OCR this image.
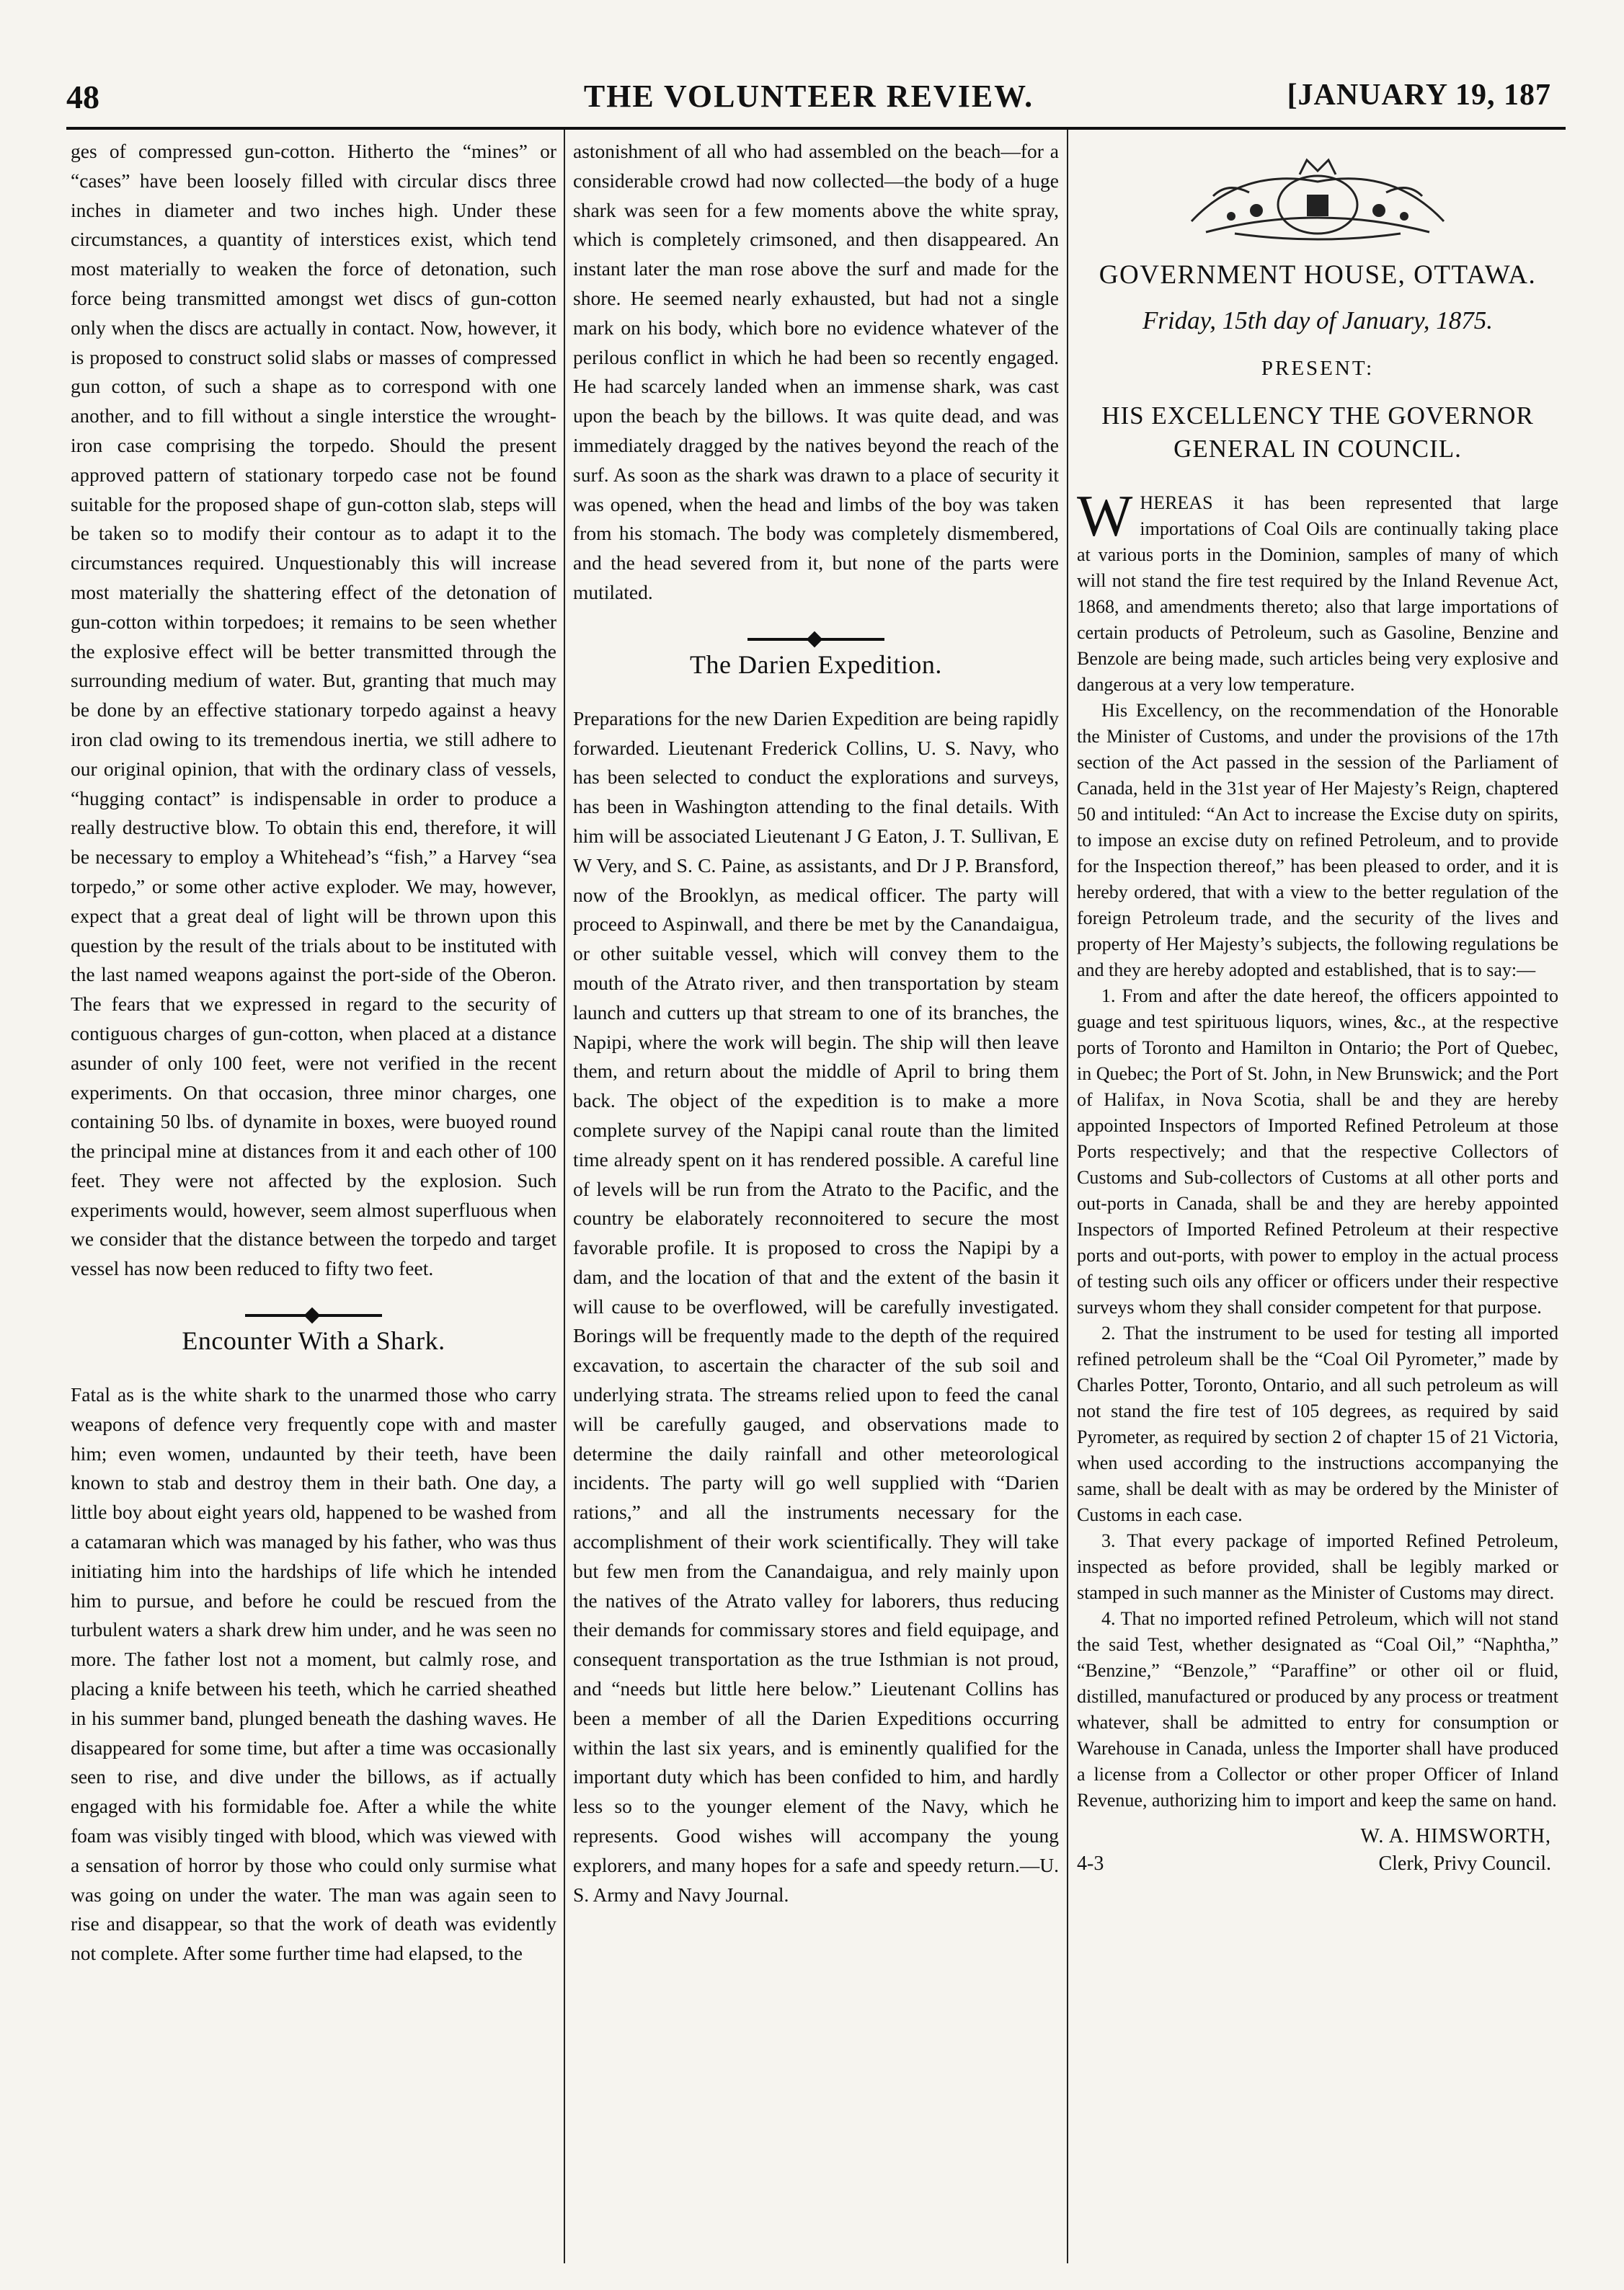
48	THE VOLUNTEER REVIEW.	[JANUARY 19, 187

ges of compressed gun-cotton. Hitherto the “mines” or “cases” have been loosely filled with circular discs three inches in diameter and two inches high. Under these circumstances, a quantity of interstices exist, which tend most materially to weaken the force of detonation, such force being transmitted amongst wet discs of gun-cotton only when the discs are actually in contact. Now, however, it is proposed to construct solid slabs or masses of compressed gun cotton, of such a shape as to correspond with one another, and to fill without a single interstice the wrought-iron case comprising the torpedo. Should the present approved pattern of stationary torpedo case not be found suitable for the proposed shape of gun-cotton slab, steps will be taken so to modify their contour as to adapt it to the circumstances required. Unquestionably this will increase most materially the shattering effect of the detonation of gun-cotton within torpedoes; it remains to be seen whether the explosive effect will be better transmitted through the surrounding medium of water. But, granting that much may be done by an effective stationary torpedo against a heavy iron clad owing to its tremendous inertia, we still adhere to our original opinion, that with the ordinary class of vessels, “hugging contact” is indispensable in order to produce a really destructive blow. To obtain this end, therefore, it will be necessary to employ a Whitehead’s “fish,” a Harvey “sea torpedo,” or some other active exploder. We may, however, expect that a great deal of light will be thrown upon this question by the result of the trials about to be instituted with the last named weapons against the port-side of the Oberon. The fears that we expressed in regard to the security of contiguous charges of gun-cotton, when placed at a distance asunder of only 100 feet, were not verified in the recent experiments. On that occasion, three minor charges, one containing 50 lbs. of dynamite in boxes, were buoyed round the principal mine at distances from it and each other of 100 feet. They were not affected by the explosion. Such experiments would, however, seem almost superfluous when we consider that the distance between the torpedo and target vessel has now been reduced to fifty two feet.

Encounter With a Shark.

Fatal as is the white shark to the unarmed those who carry weapons of defence very frequently cope with and master him; even women, undaunted by their teeth, have been known to stab and destroy them in their bath. One day, a little boy about eight years old, happened to be washed from a catamaran which was managed by his father, who was thus initiating him into the hardships of life which he intended him to pursue, and before he could be rescued from the turbulent waters a shark drew him under, and he was seen no more. The father lost not a moment, but calmly rose, and placing a knife between his teeth, which he carried sheathed in his summer band, plunged beneath the dashing waves. He disappeared for some time, but after a time was occasionally seen to rise, and dive under the billows, as if actually engaged with his formidable foe. After a while the white foam was visibly tinged with blood, which was viewed with a sensation of horror by those who could only surmise what was going on under the water. The man was again seen to rise and disappear, so that the work of death was evidently not complete. After some further time had elapsed, to the

astonishment of all who had assembled on the beach—for a considerable crowd had now collected—the body of a huge shark was seen for a few moments above the white spray, which is completely crimsoned, and then disappeared. An instant later the man rose above the surf and made for the shore. He seemed nearly exhausted, but had not a single mark on his body, which bore no evidence whatever of the perilous conflict in which he had been so recently engaged. He had scarcely landed when an immense shark, was cast upon the beach by the billows. It was quite dead, and was immediately dragged by the natives beyond the reach of the surf. As soon as the shark was drawn to a place of security it was opened, when the head and limbs of the boy was taken from his stomach. The body was completely dismembered, and the head severed from it, but none of the parts were mutilated.

The Darien Expedition.

Preparations for the new Darien Expedition are being rapidly forwarded. Lieutenant Frederick Collins, U. S. Navy, who has been selected to conduct the explorations and surveys, has been in Washington attending to the final details. With him will be associated Lieutenant J G Eaton, J. T. Sullivan, E W Very, and S. C. Paine, as assistants, and Dr J P. Bransford, now of the Brooklyn, as medical officer. The party will proceed to Aspinwall, and there be met by the Canandaigua, or other suitable vessel, which will convey them to the mouth of the Atrato river, and then transportation by steam launch and cutters up that stream to one of its branches, the Napipi, where the work will begin. The ship will then leave them, and return about the middle of April to bring them back. The object of the expedition is to make a more complete survey of the Napipi canal route than the limited time already spent on it has rendered possible. A careful line of levels will be run from the Atrato to the Pacific, and the country be elaborately reconnoitered to secure the most favorable profile. It is proposed to cross the Napipi by a dam, and the location of that and the extent of the basin it will cause to be overflowed, will be carefully investigated. Borings will be frequently made to the depth of the required excavation, to ascertain the character of the sub soil and underlying strata. The streams relied upon to feed the canal will be carefully gauged, and observations made to determine the daily rainfall and other meteorological incidents. The party will go well supplied with “Darien rations,” and all the instruments necessary for the accomplishment of their work scientifically. They will take but few men from the Canandaigua, and rely mainly upon the natives of the Atrato valley for laborers, thus reducing their demands for commissary stores and field equipage, and consequent transportation as the true Isthmian is not proud, and “needs but little here below.” Lieutenant Collins has been a member of all the Darien Expeditions occurring within the last six years, and is eminently qualified for the important duty which has been confided to him, and hardly less so to the younger element of the Navy, which he represents. Good wishes will accompany the young explorers, and many hopes for a safe and speedy return.—U. S. Army and Navy Journal.

GOVERNMENT HOUSE, OTTAWA.
Friday, 15th day of January, 1875.
PRESENT:
HIS EXCELLENCY THE GOVERNOR GENERAL IN COUNCIL.

WHEREAS it has been represented that large importations of Coal Oils are continually taking place at various ports in the Dominion, samples of many of which will not stand the fire test required by the Inland Revenue Act, 1868, and amendments thereto; also that large importations of certain products of Petroleum, such as Gasoline, Benzine and Benzole are being made, such articles being very explosive and dangerous at a very low temperature.

His Excellency, on the recommendation of the Honorable the Minister of Customs, and under the provisions of the 17th section of the Act passed in the session of the Parliament of Canada, held in the 31st year of Her Majesty’s Reign, chaptered 50 and intituled: “An Act to increase the Excise duty on spirits, to impose an excise duty on refined Petroleum, and to provide for the Inspection thereof,” has been pleased to order, and it is hereby ordered, that with a view to the better regulation of the foreign Petroleum trade, and the security of the lives and property of Her Majesty’s subjects, the following regulations be and they are hereby adopted and established, that is to say:—

1. From and after the date hereof, the officers appointed to guage and test spirituous liquors, wines, &c., at the respective ports of Toronto and Hamilton in Ontario; the Port of Quebec, in Quebec; the Port of St. John, in New Brunswick; and the Port of Halifax, in Nova Scotia, shall be and they are hereby appointed Inspectors of Imported Refined Petroleum at those Ports respectively; and that the respective Collectors of Customs and Sub-collectors of Customs at all other ports and out-ports in Canada, shall be and they are hereby appointed Inspectors of Imported Refined Petroleum at their respective ports and out-ports, with power to employ in the actual process of testing such oils any officer or officers under their respective surveys whom they shall consider competent for that purpose.

2. That the instrument to be used for testing all imported refined petroleum shall be the “Coal Oil Pyrometer,” made by Charles Potter, Toronto, Ontario, and all such petroleum as will not stand the fire test of 105 degrees, as required by said Pyrometer, as required by section 2 of chapter 15 of 21 Victoria, when used according to the instructions accompanying the same, shall be dealt with as may be ordered by the Minister of Customs in each case.

3. That every package of imported Refined Petroleum, inspected as before provided, shall be legibly marked or stamped in such manner as the Minister of Customs may direct.

4. That no imported refined Petroleum, which will not stand the said Test, whether designated as “Coal Oil,” “Naphtha,” “Benzine,” “Benzole,” “Paraffine” or other oil or fluid, distilled, manufactured or produced by any process or treatment whatever, shall be admitted to entry for consumption or Warehouse in Canada, unless the Importer shall have produced a license from a Collector or other proper Officer of Inland Revenue, authorizing him to import and keep the same on hand.

W. A. HIMSWORTH,
4-3	Clerk, Privy Council.
